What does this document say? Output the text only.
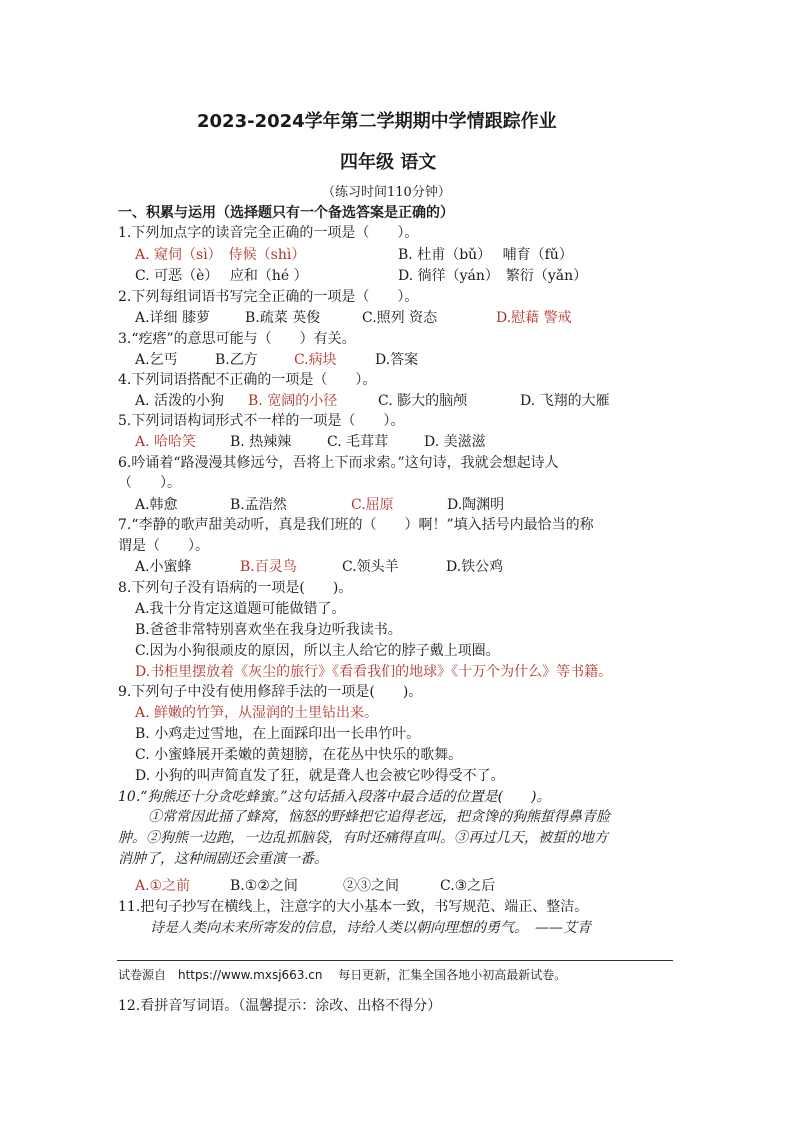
2023-2024学年第二学期期中学情跟踪作业
四年级 语文
（练习时间110分钟）
一、积累与运用（选择题只有一个备选答案是正确的）
1.下列加点字的读音完全正确的一项是（　　）。
A. 窥伺（sì）　侍候（shì）	B. 杜甫（bǔ）　 哺育（fǔ）
C. 可恶（è）　 应和（hé ）	D. 徜徉（yán）　繁衍（yǎn）
2.下列每组词语书写完全正确的一项是（　　）。
A.详细 膝萝 B.疏菜 英俊	C.照列 资态	D.慰藉 警戒
3.“疙瘩”的意思可能与（　　）有关。
A.乞丐	B.乙方	C.病块	D.答案
4.下列词语搭配不正确的一项是（　　）。
A. 活泼的小狗 B. 宽阔的小径	C. 膨大的脑颅	D. 飞翔的大雁
5.下列词语构词形式不一样的一项是（　　）。
A. 哈哈笑 B. 热辣辣	C. 毛茸茸	D. 美滋滋
6.吟诵着“路漫漫其修远兮，吾将上下而求索。”这句诗，我就会想起诗人
（　　）。
A.韩愈	B.孟浩然	C.屈原	D.陶渊明
7.“李静的歌声甜美动听，真是我们班的（　　）啊！”填入括号内最恰当的称
谓是（　　）。
A.小蜜蜂	B.百灵鸟	C.领头羊	D.铁公鸡
8.下列句子没有语病的一项是(　　)。
A.我十分肯定这道题可能做错了。
B.爸爸非常特别喜欢坐在我身边听我读书。
C.因为小狗很顽皮的原因，所以主人给它的脖子戴上项圈。
D.书柜里摆放着《灰尘的旅行》《看看我们的地球》《十万个为什么》等书籍。
9.下列句子中没有使用修辞手法的一项是(　　)。
A. 鲜嫩的竹笋，从湿润的土里钻出来。
B. 小鸡走过雪地，在上面踩印出一长串竹叶。
C. 小蜜蜂展开柔嫩的黄翅膀，在花丛中快乐的歌舞。
D. 小狗的叫声简直发了狂，就是聋人也会被它吵得受不了。
10.“狗熊还十分贪吃蜂蜜。”这句话插入段落中最合适的位置是(　　)。
①常常因此捅了蜂窝，恼怒的野蜂把它追得老远，把贪馋的狗熊蜇得鼻青脸
肿。②狗熊一边跑，一边乱抓脑袋，有时还痛得直叫。③再过几天，被蜇的地方
消肿了，这种闹剧还会重演一番。
A.①之前	B.①②之间	②③之间	C.③之后
11.把句子抄写在横线上，注意字的大小基本一致，书写规范、端正、整洁。
诗是人类向未来所寄发的信息，诗给人类以朝向理想的勇气。　——艾青
试卷源自　https://www.mxsj663.cn　 每日更新，汇集全国各地小初高最新试卷。
12.看拼音写词语。（温馨提示：涂改、出格不得分）
